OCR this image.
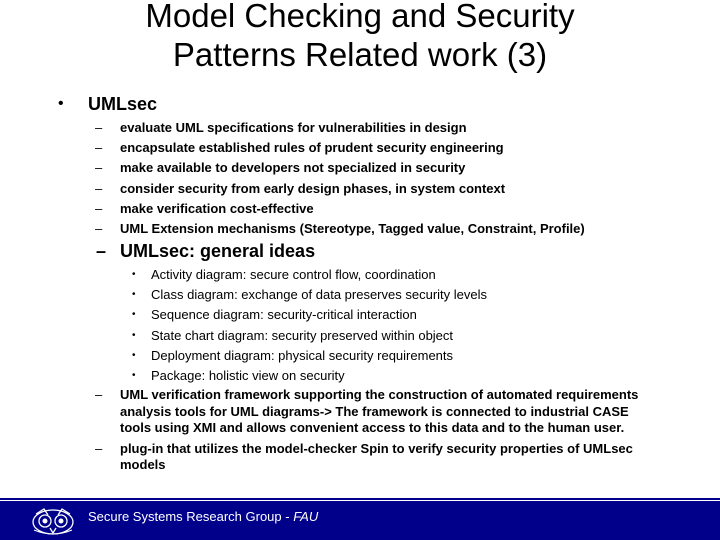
Model Checking and Security
Patterns Related work (3)
• UMLsec
– evaluate UML specifications for vulnerabilities in design
– encapsulate established rules of prudent security engineering
– make available to developers not specialized in security
– consider security from early design phases, in system context
– make verification cost-effective
– UML Extension mechanisms (Stereotype, Tagged value, Constraint, Profile)
– UMLsec: general ideas
• Activity diagram: secure control flow, coordination
• Class diagram: exchange of data preserves security levels
• Sequence diagram: security-critical interaction
• State chart diagram: security preserved within object
• Deployment diagram: physical security requirements
• Package: holistic view on security
– UML verification framework supporting the construction of automated requirements analysis tools for UML diagrams-> The framework is connected to industrial CASE tools using XMI and allows convenient access to this data and to the human user.
– plug-in that utilizes the model-checker Spin to verify security properties of UMLsec models
Secure Systems Research Group - FAU
